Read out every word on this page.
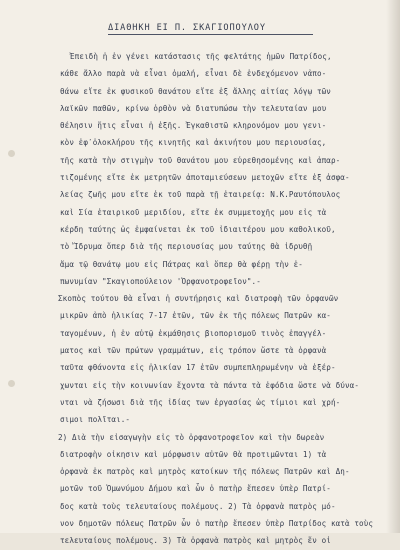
ΔΙΑΘΗΚΗ ΕΙ Π. ΣΚΑΓΙΟΠΟΥΛΟΥ
Ἐπειδὴ ἡ ἐν γένει κατάστασις τῆς φελτάτης ἡμῶν Πατρίδος,
κάθε ἄλλο παρὰ νὰ εἶναι ὁμαλή, εἶναι δὲ ἐνδεχόμενον νἀπο-
θάνω εἴτε ἐκ φυσικοῦ θανάτου εἴτε ἐξ ἄλλης αἰτίας λόγῳ τῶν
λαϊκῶν παθῶν, κρίνω ὀρθὸν νὰ διατυπώσω τὴν τελευταίαν μου
θέλησιν ἥτις εἶναι ἡ ἑξῆς. Ἐγκαθιστῶ κληρονόμον μου γενι-
κὸν ἐφ᾽ὁλοκλήρου τῆς κινητῆς καὶ ἀκινήτου μου περιουσίας,
τῆς κατὰ τὴν στιγμὴν τοῦ θανάτου μου εὑρεθησομένης καὶ ἀπαρ-
τιζομένης εἴτε ἐκ μετρητῶν ἀποταμιεύσεων μετοχῶν εἴτε ἐξ ἀσφα-
λείας ζωῆς μου εἴτε ἐκ τοῦ παρὰ τῇ ἑταιρείᾳ: Ν.Κ.Ραυτόπουλος
καὶ Σία ἑταιρικοῦ μεριδίου, εἴτε ἐκ συμμετοχῆς μου εἰς τὰ
κέρδη ταύτης ὡς ἐμφαίνεται ἐκ τοῦ ἰδιαιτέρου μου καθολικοῦ,
τὸ Ἵδρυμα ὅπερ διὰ τῆς περιουσίας μου ταύτης θὰ ἱδρυθῇ
ἅμα τῷ θανάτῳ μου εἰς Πάτρας καὶ ὅπερ θὰ φέρῃ τὴν ἐ-
πωνυμίαν "Σκαγιοπούλειον 'Ὀρφανοτροφεῖον".-
Σκοπὸς τούτου θὰ εἶναι ἡ συντήρησις καὶ διατροφὴ τῶν ὀρφανῶν
μικρῶν ἀπὸ ἡλικίας 7-17 ἐτῶν, τῶν ἐκ τῆς πόλεως Πατρῶν κα-
ταγομένων, ἡ ἐν αὐτῷ ἐκμάθησις βιοπορισμοῦ τινὸς ἐπαγγέλ-
ματος καὶ τῶν πρώτων γραμμάτων, εἰς τρόπον ὥστε τὰ ὀρφανὰ
ταῦτα φθάνοντα εἰς ἡλικίαν 17 ἐτῶν συμπεπληρωμένην νὰ ἐξέρ-
χωνται εἰς τὴν κοινωνίαν ἔχοντα τὰ πάντα τὰ ἐφόδια ὥστε νὰ δύνα-
νται νὰ ζήσωσι διὰ τῆς ἰδίας των ἐργασίας ὡς τίμιοι καὶ χρή-
σιμοι πολῖται.-
2) Διὰ τὴν εἰσαγωγὴν εἰς τὸ ὀρφανοτροφεῖον καὶ τὴν δωρεὰν
διατροφὴν οἰκησιν καὶ μόρφωσιν αὐτῶν θὰ προτιμῶνται 1) τὰ
ὀρφανὰ ἐκ πατρὸς καὶ μητρὸς κατοίκων τῆς πόλεως Πατρῶν καὶ Δη-
μοτῶν τοῦ Ὁμωνύμου Δήμου καὶ ὧν ὁ πατὴρ ἔπεσεν ὑπὲρ Πατρί-
δος κατὰ τοὺς τελευταίους πολέμους. 2) Τὰ ὀρφανὰ πατρὸς μό-
νον δημοτῶν πόλεως Πατρῶν ὧν ὁ πατὴρ ἔπεσεν ὑπὲρ Πατρίδος κατὰ τοὺς
τελευταίους πολέμους. 3) Τὰ ὀρφανὰ πατρὸς καὶ μητρὸς ἔν οἱ
